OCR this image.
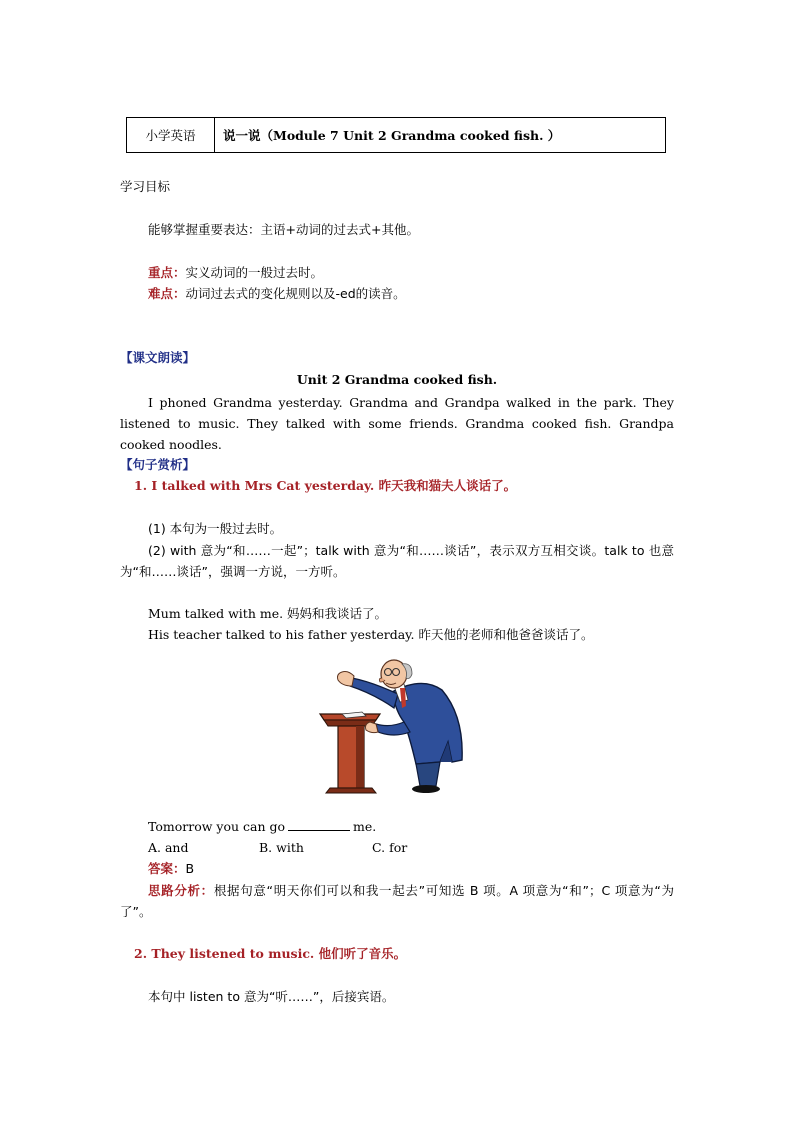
小学英语	说一说（Module 7 Unit 2 Grandma cooked fish. ）
学习目标
能够掌握重要表达：主语+动词的过去式+其他。
重点：实义动词的一般过去时。
难点：动词过去式的变化规则以及-ed的读音。
【课文朗读】
Unit 2 Grandma cooked fish.
I phoned Grandma yesterday. Grandma and Grandpa walked in the park. They listened to music. They talked with some friends. Grandma cooked fish. Grandpa cooked noodles.
【句子赏析】
1. I talked with Mrs Cat yesterday. 昨天我和猫夫人谈话了。
(1) 本句为一般过去时。
(2) with 意为“和……一起”；talk with 意为“和……谈话”，表示双方互相交谈。talk to 也意为“和……谈话”，强调一方说，一方听。
Mum talked with me. 妈妈和我谈话了。
His teacher talked to his father yesterday. 昨天他的老师和他爸爸谈话了。
Tomorrow you can go	me.
A. and	B. with	C. for
答案：B
思路分析：根据句意“明天你们可以和我一起去”可知选 B 项。A 项意为“和”；C 项意为“为了”。
2. They listened to music. 他们听了音乐。
本句中 listen to 意为“听……”，后接宾语。
